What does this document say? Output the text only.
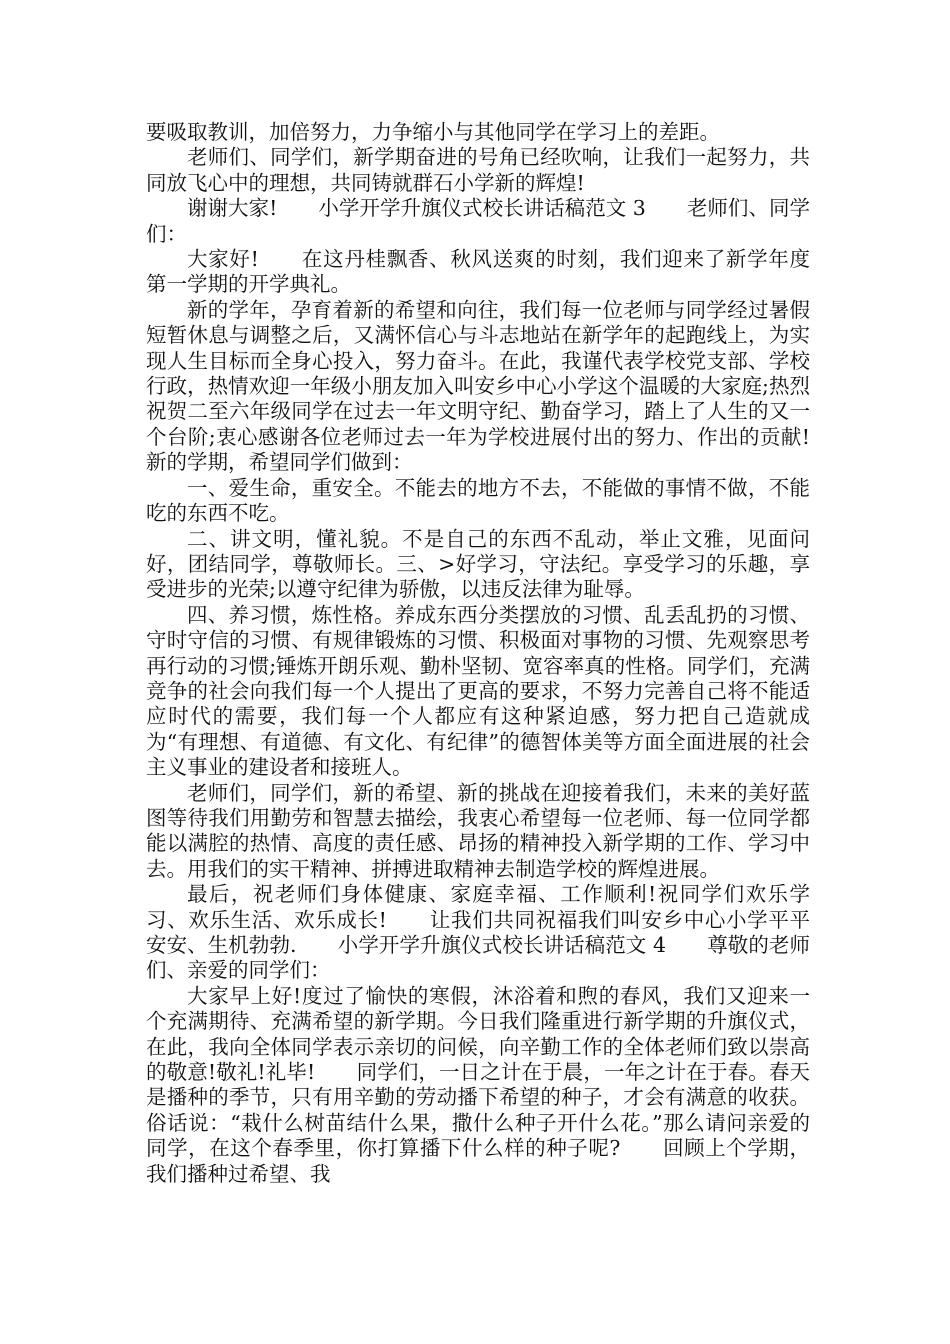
要吸取教训，加倍努力，力争缩小与其他同学在学习上的差距。

老师们、同学们，新学期奋进的号角已经吹响，让我们一起努力，共同放飞心中的理想，共同铸就群石小学新的辉煌!

谢谢大家!　　小学开学升旗仪式校长讲话稿范文 3　　老师们、同学们：

大家好!　　在这丹桂飘香、秋风送爽的时刻，我们迎来了新学年度第一学期的开学典礼。

新的学年，孕育着新的希望和向往，我们每一位老师与同学经过暑假短暂休息与调整之后，又满怀信心与斗志地站在新学年的起跑线上，为实现人生目标而全身心投入，努力奋斗。在此，我谨代表学校党支部、学校行政，热情欢迎一年级小朋友加入叫安乡中心小学这个温暖的大家庭;热烈祝贺二至六年级同学在过去一年文明守纪、勤奋学习，踏上了人生的又一个台阶;衷心感谢各位老师过去一年为学校进展付出的努力、作出的贡献!　　新的学期，希望同学们做到：

一、爱生命，重安全。不能去的地方不去，不能做的事情不做，不能吃的东西不吃。

二、讲文明，懂礼貌。不是自己的东西不乱动，举止文雅，见面问好，团结同学，尊敬师长。三、>好学习，守法纪。享受学习的乐趣，享受进步的光荣;以遵守纪律为骄傲，以违反法律为耻辱。

四、养习惯，炼性格。养成东西分类摆放的习惯、乱丢乱扔的习惯、守时守信的习惯、有规律锻炼的习惯、积极面对事物的习惯、先观察思考再行动的习惯;锤炼开朗乐观、勤朴坚韧、宽容率真的性格。同学们，充满竞争的社会向我们每一个人提出了更高的要求，不努力完善自己将不能适应时代的需要，我们每一个人都应有这种紧迫感，努力把自己造就成为“有理想、有道德、有文化、有纪律”的德智体美等方面全面进展的社会主义事业的建设者和接班人。

老师们，同学们，新的希望、新的挑战在迎接着我们，未来的美好蓝图等待我们用勤劳和智慧去描绘，我衷心希望每一位老师、每一位同学都能以满腔的热情、高度的责任感、昂扬的精神投入新学期的工作、学习中去。用我们的实干精神、拼搏进取精神去制造学校的辉煌进展。

最后，祝老师们身体健康、家庭幸福、工作顺利!祝同学们欢乐学习、欢乐生活、欢乐成长!　　让我们共同祝福我们叫安乡中心小学平平安安、生机勃勃.　　小学开学升旗仪式校长讲话稿范文 4　　尊敬的老师们、亲爱的同学们：

大家早上好!度过了愉快的寒假，沐浴着和煦的春风，我们又迎来一个充满期待、充满希望的新学期。今日我们隆重进行新学期的升旗仪式，在此，我向全体同学表示亲切的问候，向辛勤工作的全体老师们致以崇高的敬意!敬礼!礼毕!　　同学们，一日之计在于晨，一年之计在于春。春天是播种的季节，只有用辛勤的劳动播下希望的种子，才会有满意的收获。俗话说：“栽什么树苗结什么果，撒什么种子开什么花。”那么请问亲爱的同学，在这个春季里，你打算播下什么样的种子呢?　　回顾上个学期，我们播种过希望、我
